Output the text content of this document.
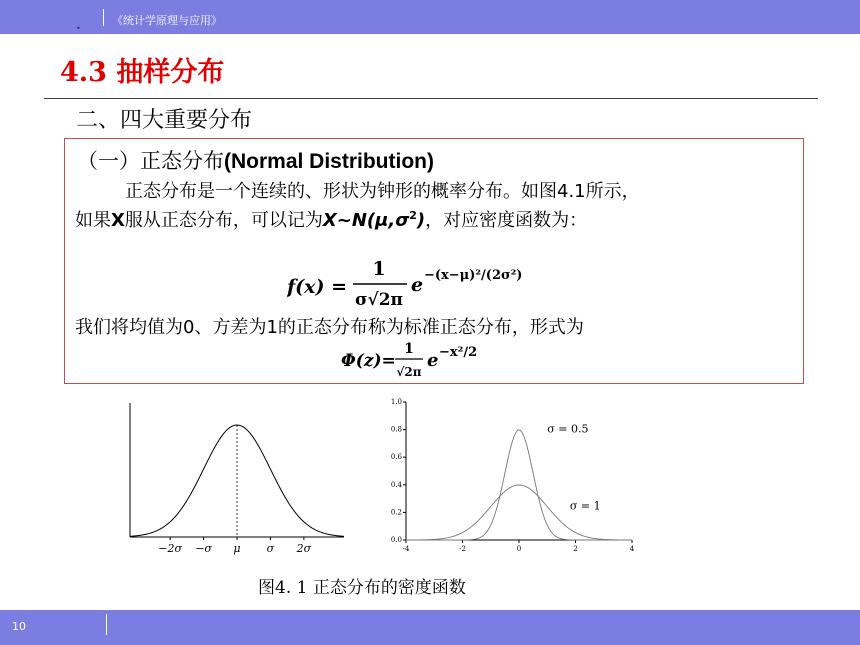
•
《统计学原理与应用》
4.3 抽样分布
二、四大重要分布
（一）正态分布(Normal Distribution)
正态分布是一个连续的、形状为钟形的概率分布。如图4.1所示，
如果X服从正态分布，可以记为$X\sim N(\mu,\sigma^2)$，对应密度函数为：
f(x) =
1
σ√2π
e −(x−μ)²/(2σ²)
我们将均值为0、方差为1的正态分布称为标准正态分布，形式为
Φ(z)=
1
√2π
e −x²/2
−2σ −σ μ σ 2σ
0.0
0.2
0.4
0.6
0.8
1.0
-4	-2	0	2	4
σ = 0.5
σ = 1
图4. 1 正态分布的密度函数
10
